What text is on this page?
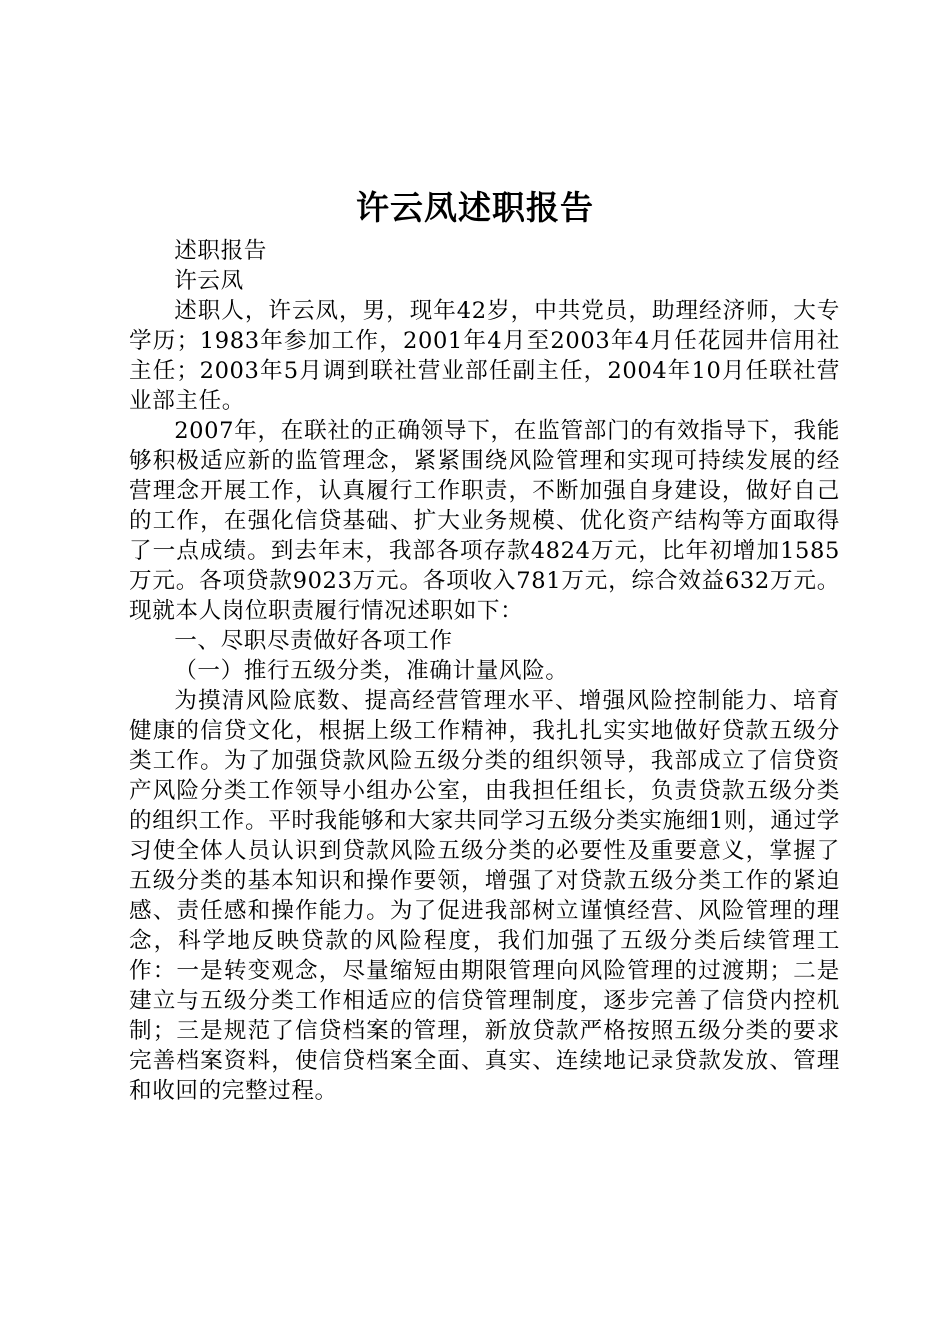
许云凤述职报告

述职报告

许云凤

述职人，许云凤，男，现年42岁，中共党员，助理经济师，大专学历；1983年参加工作，2001年4月至2003年4月任花园井信用社主任；2003年5月调到联社营业部任副主任，2004年10月任联社营业部主任。

2007年，在联社的正确领导下，在监管部门的有效指导下，我能够积极适应新的监管理念，紧紧围绕风险管理和实现可持续发展的经营理念开展工作，认真履行工作职责，不断加强自身建设，做好自己的工作，在强化信贷基础、扩大业务规模、优化资产结构等方面取得了一点成绩。到去年末，我部各项存款4824万元，比年初增加1585万元。各项贷款9023万元。各项收入781万元，综合效益632万元。现就本人岗位职责履行情况述职如下：

一、尽职尽责做好各项工作

（一）推行五级分类，准确计量风险。

为摸清风险底数、提高经营管理水平、增强风险控制能力、培育健康的信贷文化，根据上级工作精神，我扎扎实实地做好贷款五级分类工作。为了加强贷款风险五级分类的组织领导，我部成立了信贷资产风险分类工作领导小组办公室，由我担任组长，负责贷款五级分类的组织工作。平时我能够和大家共同学习五级分类实施细1则，通过学习使全体人员认识到贷款风险五级分类的必要性及重要意义，掌握了五级分类的基本知识和操作要领，增强了对贷款五级分类工作的紧迫感、责任感和操作能力。为了促进我部树立谨慎经营、风险管理的理念，科学地反映贷款的风险程度，我们加强了五级分类后续管理工作：一是转变观念，尽量缩短由期限管理向风险管理的过渡期；二是建立与五级分类工作相适应的信贷管理制度，逐步完善了信贷内控机制；三是规范了信贷档案的管理，新放贷款严格按照五级分类的要求完善档案资料，使信贷档案全面、真实、连续地记录贷款发放、管理和收回的完整过程。
